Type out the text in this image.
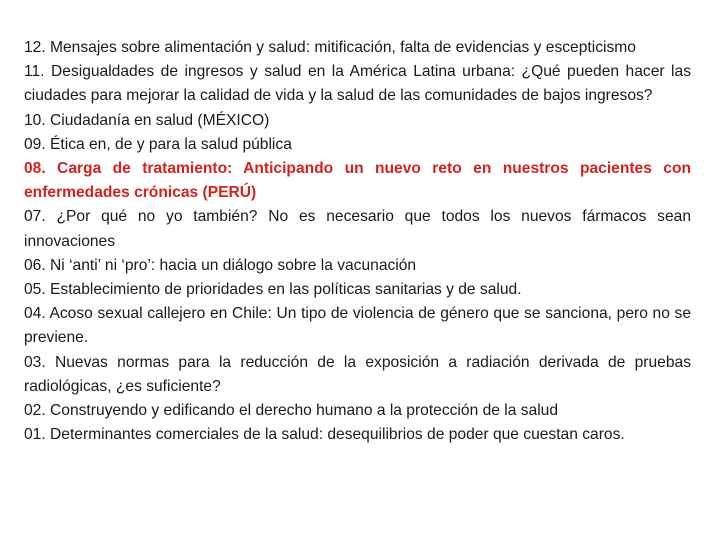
12. Mensajes sobre alimentación y salud: mitificación, falta de evidencias y escepticismo

11. Desigualdades de ingresos y salud en la América Latina urbana: ¿Qué pueden hacer las ciudades para mejorar la calidad de vida y la salud de las comunidades de bajos ingresos?

10. Ciudadanía en salud (MÉXICO)

09. Ética en, de y para la salud pública

08. Carga de tratamiento: Anticipando un nuevo reto en nuestros pacientes con enfermedades crónicas (PERÚ)

07. ¿Por qué no yo también? No es necesario que todos los nuevos fármacos sean innovaciones

06. Ni ‘anti’ ni ‘pro’: hacia un diálogo sobre la vacunación

05. Establecimiento de prioridades en las políticas sanitarias y de salud.

04. Acoso sexual callejero en Chile: Un tipo de violencia de género que se sanciona, pero no se previene.

03. Nuevas normas para la reducción de la exposición a radiación derivada de pruebas radiológicas, ¿es suficiente?

02. Construyendo y edificando el derecho humano a la protección de la salud

01. Determinantes comerciales de la salud: desequilibrios de poder que cuestan caros.
